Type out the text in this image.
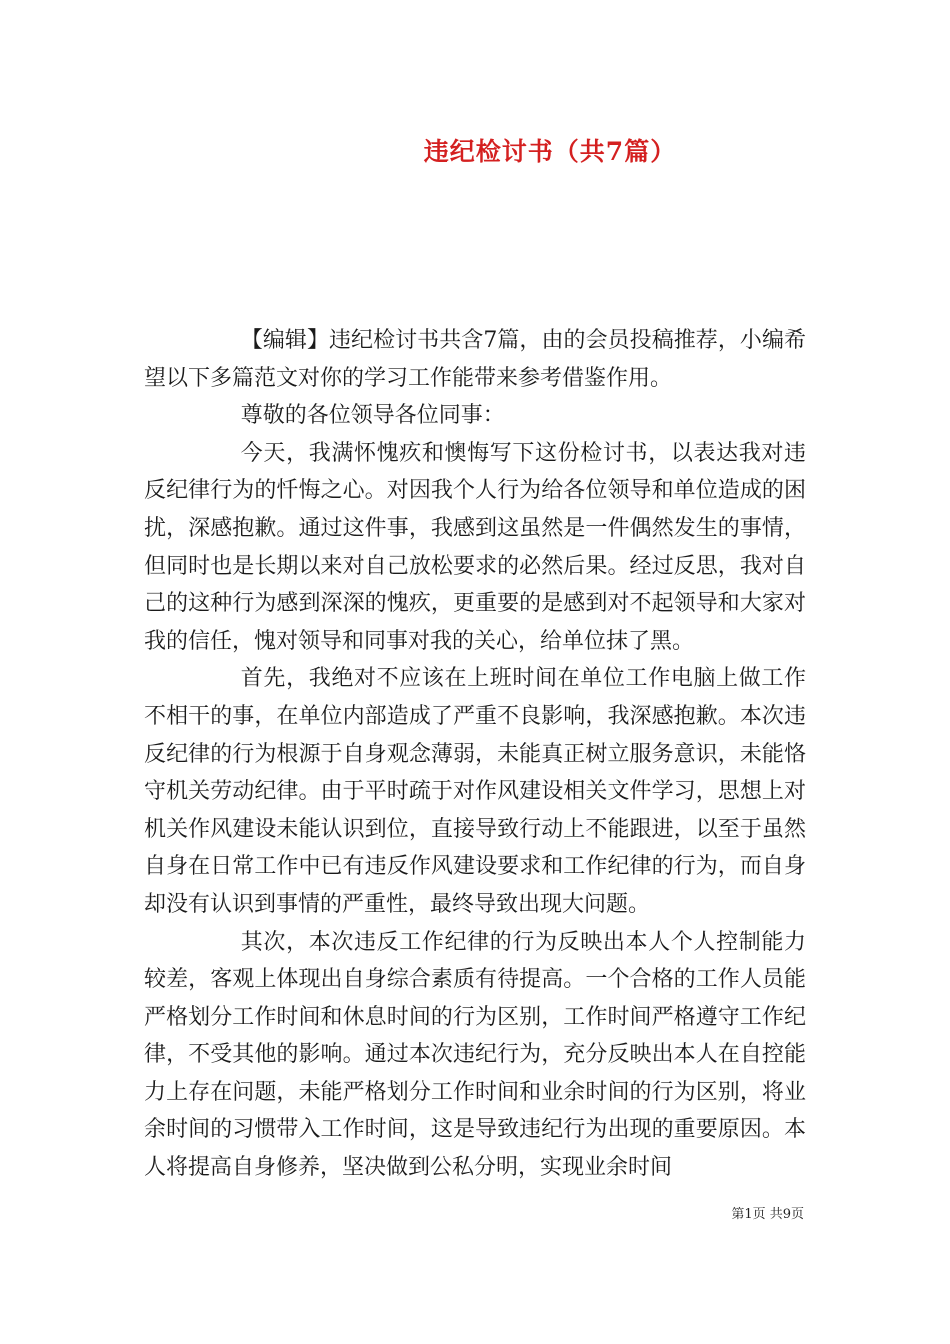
违纪检讨书（共7篇）

【编辑】违纪检讨书共含7篇，由的会员投稿推荐，小编希望以下多篇范文对你的学习工作能带来参考借鉴作用。

尊敬的各位领导各位同事：

今天，我满怀愧疚和懊悔写下这份检讨书，以表达我对违反纪律行为的忏悔之心。对因我个人行为给各位领导和单位造成的困扰，深感抱歉。通过这件事，我感到这虽然是一件偶然发生的事情，但同时也是长期以来对自己放松要求的必然后果。经过反思，我对自己的这种行为感到深深的愧疚，更重要的是感到对不起领导和大家对我的信任，愧对领导和同事对我的关心，给单位抹了黑。

首先，我绝对不应该在上班时间在单位工作电脑上做工作不相干的事，在单位内部造成了严重不良影响，我深感抱歉。本次违反纪律的行为根源于自身观念薄弱，未能真正树立服务意识，未能恪守机关劳动纪律。由于平时疏于对作风建设相关文件学习，思想上对机关作风建设未能认识到位，直接导致行动上不能跟进，以至于虽然自身在日常工作中已有违反作风建设要求和工作纪律的行为，而自身却没有认识到事情的严重性，最终导致出现大问题。

其次，本次违反工作纪律的行为反映出本人个人控制能力较差，客观上体现出自身综合素质有待提高。一个合格的工作人员能严格划分工作时间和休息时间的行为区别，工作时间严格遵守工作纪律，不受其他的影响。通过本次违纪行为，充分反映出本人在自控能力上存在问题，未能严格划分工作时间和业余时间的行为区别，将业余时间的习惯带入工作时间，这是导致违纪行为出现的重要原因。本人将提高自身修养，坚决做到公私分明，实现业余时间

第1页 共9页
